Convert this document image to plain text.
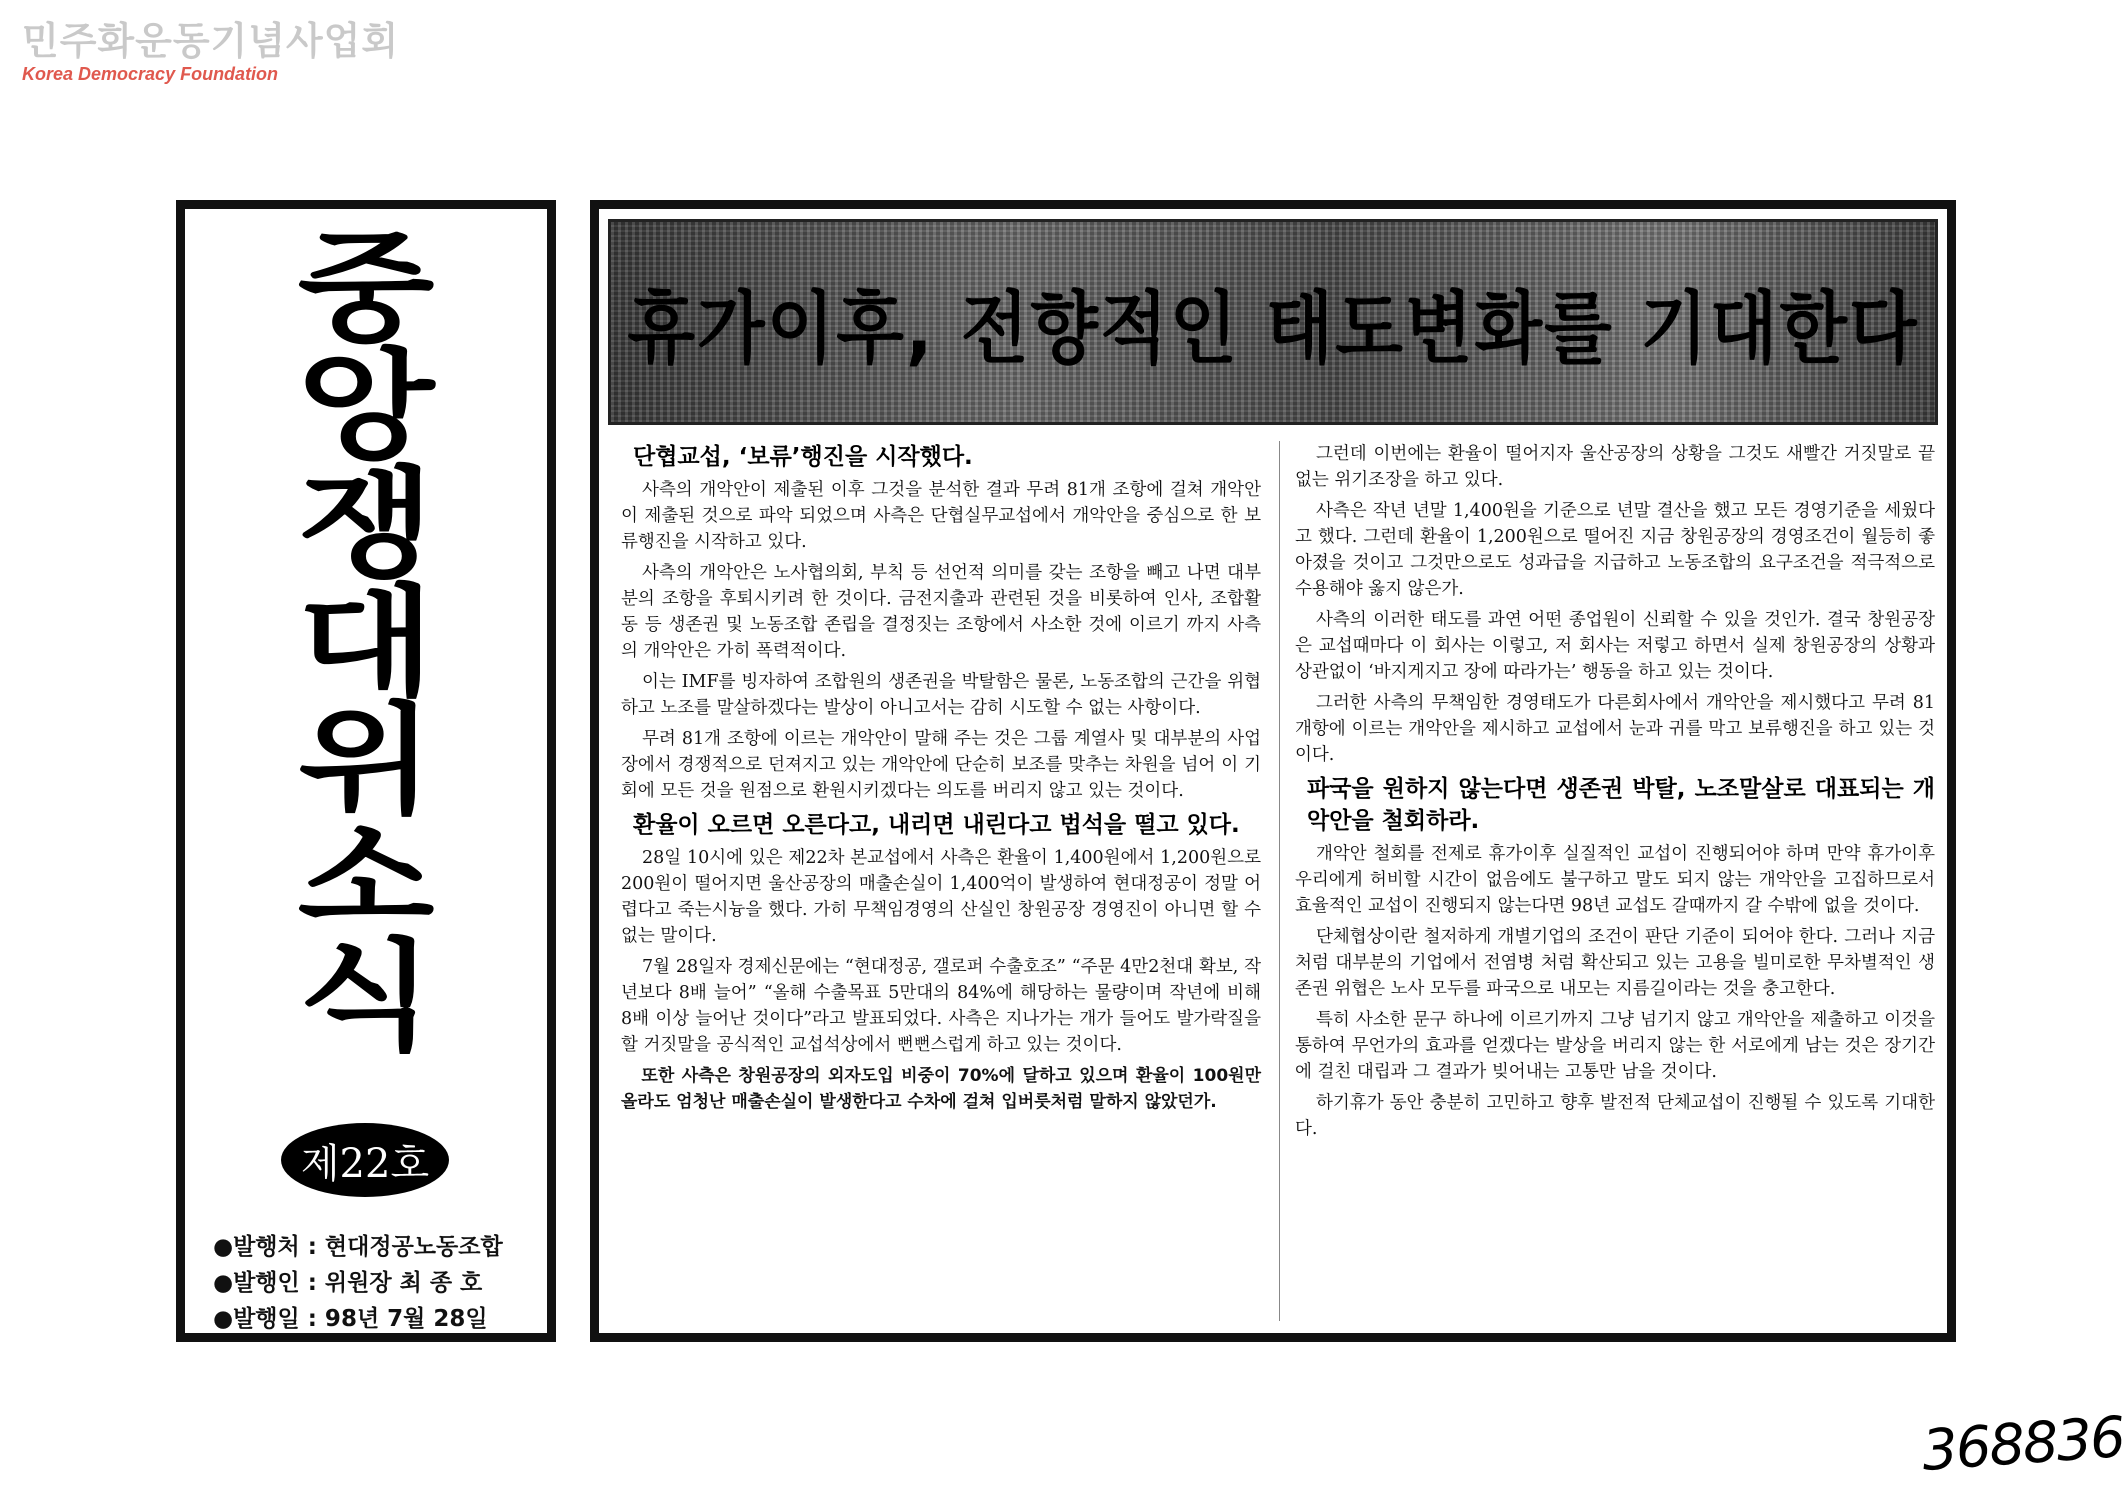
민주화운동기념사업회
Korea Democracy Foundation
중
앙
쟁
대
위
소
식
제22호
●발행처 : 현대정공노동조합
●발행인 : 위원장 최 종 호
●발행일 : 98년 7월 28일
휴가이후, 전향적인 태도변화를 기대한다
단협교섭, ‘보류’행진을 시작했다.
사측의 개악안이 제출된 이후 그것을 분석한 결과 무려 81개 조항에 걸쳐 개악안이 제출된 것으로 파악 되었으며 사측은 단협실무교섭에서 개악안을 중심으로 한 보류행진을 시작하고 있다.
사측의 개악안은 노사협의회, 부칙 등 선언적 의미를 갖는 조항을 빼고 나면 대부분의 조항을 후퇴시키려 한 것이다. 금전지출과 관련된 것을 비롯하여 인사, 조합활동 등 생존권 및 노동조합 존립을 결정짓는 조항에서 사소한 것에 이르기 까지 사측의 개악안은 가히 폭력적이다.
이는 IMF를 빙자하여 조합원의 생존권을 박탈함은 물론, 노동조합의 근간을 위협하고 노조를 말살하겠다는 발상이 아니고서는 감히 시도할 수 없는 사항이다.
무려 81개 조항에 이르는 개악안이 말해 주는 것은 그룹 계열사 및 대부분의 사업장에서 경쟁적으로 던져지고 있는 개악안에 단순히 보조를 맞추는 차원을 넘어 이 기회에 모든 것을 원점으로 환원시키겠다는 의도를 버리지 않고 있는 것이다.
환율이 오르면 오른다고, 내리면 내린다고 법석을 떨고 있다.
28일 10시에 있은 제22차 본교섭에서 사측은 환율이 1,400원에서 1,200원으로 200원이 떨어지면 울산공장의 매출손실이 1,400억이 발생하여 현대정공이 정말 어렵다고 죽는시늉을 했다. 가히 무책임경영의 산실인 창원공장 경영진이 아니면 할 수 없는 말이다.
7월 28일자 경제신문에는 “현대정공, 갤로퍼 수출호조” “주문 4만2천대 확보, 작년보다 8배 늘어” “올해 수출목표 5만대의 84%에 해당하는 물량이며 작년에 비해 8배 이상 늘어난 것이다”라고 발표되었다. 사측은 지나가는 개가 들어도 발가락질을 할 거짓말을 공식적인 교섭석상에서 뻔뻔스럽게 하고 있는 것이다.
또한 사측은 창원공장의 외자도입 비중이 70%에 달하고 있으며 환율이 100원만 올라도 엄청난 매출손실이 발생한다고 수차에 걸쳐 입버릇처럼 말하지 않았던가.
그런데 이번에는 환율이 떨어지자 울산공장의 상황을 그것도 새빨간 거짓말로 끝없는 위기조장을 하고 있다.
사측은 작년 년말 1,400원을 기준으로 년말 결산을 했고 모든 경영기준을 세웠다고 했다. 그런데 환율이 1,200원으로 떨어진 지금 창원공장의 경영조건이 월등히 좋아졌을 것이고 그것만으로도 성과급을 지급하고 노동조합의 요구조건을 적극적으로 수용해야 옳지 않은가.
사측의 이러한 태도를 과연 어떤 종업원이 신뢰할 수 있을 것인가. 결국 창원공장은 교섭때마다 이 회사는 이렇고, 저 회사는 저렇고 하면서 실제 창원공장의 상황과 상관없이 ‘바지게지고 장에 따라가는’ 행동을 하고 있는 것이다.
그러한 사측의 무책임한 경영태도가 다른회사에서 개악안을 제시했다고 무려 81개항에 이르는 개악안을 제시하고 교섭에서 눈과 귀를 막고 보류행진을 하고 있는 것이다.
파국을 원하지 않는다면 생존권 박탈, 노조말살로 대표되는 개악안을 철회하라.
개악안 철회를 전제로 휴가이후 실질적인 교섭이 진행되어야 하며 만약 휴가이후 우리에게 허비할 시간이 없음에도 불구하고 말도 되지 않는 개악안을 고집하므로서 효율적인 교섭이 진행되지 않는다면 98년 교섭도 갈때까지 갈 수밖에 없을 것이다.
단체협상이란 철저하게 개별기업의 조건이 판단 기준이 되어야 한다. 그러나 지금처럼 대부분의 기업에서 전염병 처럼 확산되고 있는 고용을 빌미로한 무차별적인 생존권 위협은 노사 모두를 파국으로 내모는 지름길이라는 것을 충고한다.
특히 사소한 문구 하나에 이르기까지 그냥 넘기지 않고 개악안을 제출하고 이것을 통하여 무언가의 효과를 얻겠다는 발상을 버리지 않는 한 서로에게 남는 것은 장기간에 걸친 대립과 그 결과가 빚어내는 고통만 남을 것이다.
하기휴가 동안 충분히 고민하고 향후 발전적 단체교섭이 진행될 수 있도록 기대한다.
368836
